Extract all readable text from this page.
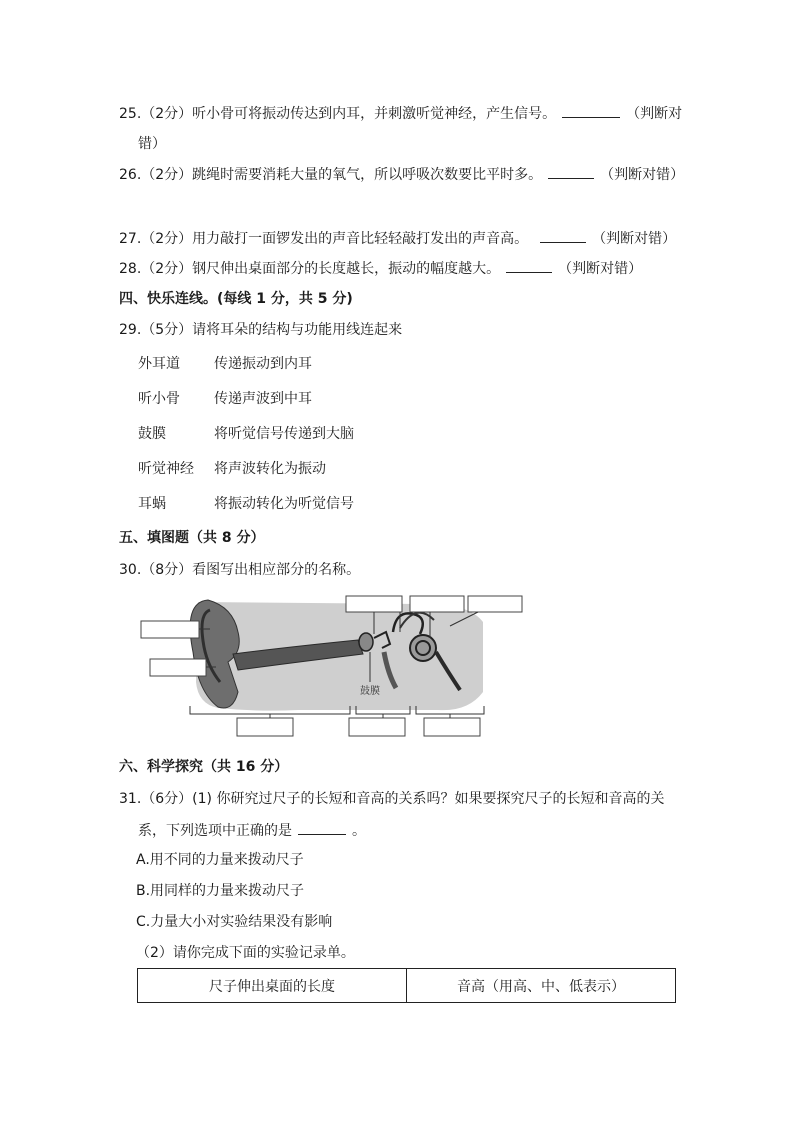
25.（2分）听小骨可将振动传达到内耳，并刺激听觉神经，产生信号。	（判断对
错）
26.（2分）跳绳时需要消耗大量的氧气，所以呼吸次数要比平时多。	（判断对错）
27.（2分）用力敲打一面锣发出的声音比轻轻敲打发出的声音高。	（判断对错）
28.（2分）钢尺伸出桌面部分的长度越长，振动的幅度越大。	（判断对错）
四、快乐连线。(每线 1 分，共 5 分)
29.（5分）请将耳朵的结构与功能用线连起来
外耳道 传递振动到内耳
听小骨 传递声波到中耳
鼓膜	将听觉信号传递到大脑
听觉神经 将声波转化为振动
耳蜗	将振动转化为听觉信号
五、填图题（共 8 分）
30.（8分）看图写出相应部分的名称。
鼓膜
六、科学探究（共 16 分）
31.（6分）(1) 你研究过尺子的长短和音高的关系吗？如果要探究尺子的长短和音高的关
系，下列选项中正确的是	。
A.用不同的力量来拨动尺子
B.用同样的力量来拨动尺子
C.力量大小对实验结果没有影响
（2）请你完成下面的实验记录单。
尺子伸出桌面的长度	音高（用高、中、低表示）
